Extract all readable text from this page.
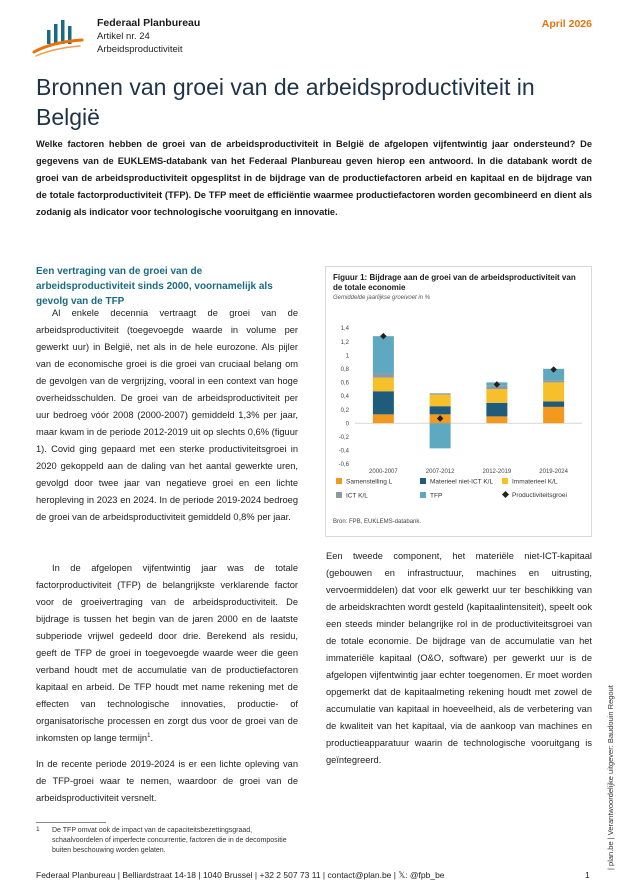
Federaal Planbureau
Artikel nr. 24
Arbeidsproductiviteit
April 2026
Bronnen van groei van de arbeidsproductiviteit in België

Welke factoren hebben de groei van de arbeidsproductiviteit in België de afgelopen vijfentwintig jaar ondersteund? De gegevens van de EUKLEMS-databank van het Federaal Planbureau geven hierop een antwoord. In die databank wordt de groei van de arbeidsproductiviteit opgesplitst in de bijdrage van de productiefactoren arbeid en kapitaal en de bijdrage van de totale factorproductiviteit (TFP). De TFP meet de efficiëntie waarmee productiefactoren worden gecombineerd en dient als zodanig als indicator voor technologische vooruitgang en innovatie.

Een vertraging van de groei van de arbeidsproductiviteit sinds 2000, voornamelijk als gevolg van de TFP

Al enkele decennia vertraagt de groei van de arbeidsproductiviteit (toegevoegde waarde in volume per gewerkt uur) in België, net als in de hele eurozone. Als pijler van de economische groei is die groei van cruciaal belang om de gevolgen van de vergrijzing, vooral in een context van hoge overheidsschulden. De groei van de arbeidsproductiviteit per uur bedroeg vóór 2008 (2000-2007) gemiddeld 1,3% per jaar, maar kwam in de periode 2012-2019 uit op slechts 0,6% (figuur 1). Covid ging gepaard met een sterke productiviteitsgroei in 2020 gekoppeld aan de daling van het aantal gewerkte uren, gevolgd door twee jaar van negatieve groei en een lichte heropleving in 2023 en 2024. In de periode 2019-2024 bedroeg de groei van de arbeidsproductiviteit gemiddeld 0,8% per jaar.

In de afgelopen vijfentwintig jaar was de totale factorproductiviteit (TFP) de belangrijkste verklarende factor voor de groeivertraging van de arbeidsproductiviteit. De bijdrage is tussen het begin van de jaren 2000 en de laatste subperiode vrijwel gedeeld door drie. Berekend als residu, geeft de TFP de groei in toegevoegde waarde weer die geen verband houdt met de accumulatie van de productiefactoren kapitaal en arbeid. De TFP houdt met name rekening met de effecten van technologische innovaties, productie- of organisatorische processen en zorgt dus voor de groei van de inkomsten op lange termijn$^1$.

In de recente periode 2019-2024 is er een lichte opleving van de TFP-groei waar te nemen, waardoor de groei van de arbeidsproductiviteit versnelt.

1 De TFP omvat ook de impact van de capaciteitsbezettingsgraad, schaalvoordelen of imperfecte concurrentie, factoren die in de decompositie buiten beschouwing worden gelaten.

Figuur 1: Bijdrage aan de groei van de arbeidsproductiviteit van de totale economie

Gemiddelde jaarlijkse groeivoet in %
-0,6
-0,4
-0,2
0
0,2
0,4
0,6
0,8
1
1,2
1,4
2000-2007	2007-2012	2012-2019	2019-2024
Samenstelling L	Materieel niet-ICT K/L	Immaterieel K/L
ICT K/L	TFP	Productiviteitsgroei
Bron: FPB, EUKLEMS-databank.

Een tweede component, het materiële niet-ICT-kapitaal (gebouwen en infrastructuur, machines en uitrusting, vervoermiddelen) dat voor elk gewerkt uur ter beschikking van de arbeidskrachten wordt gesteld (kapitaalintensiteit), speelt ook een steeds minder belangrijke rol in de productiviteitsgroei van de totale economie. De bijdrage van de accumulatie van het immateriële kapitaal (O&O, software) per gewerkt uur is de afgelopen vijfentwintig jaar echter toegenomen. Er moet worden opgemerkt dat de kapitaalmeting rekening houdt met zowel de accumulatie van kapitaal in hoeveelheid, als de verbetering van de kwaliteit van het kapitaal, via de aankoop van machines en productieapparatuur waarin de technologische vooruitgang is geïntegreerd.	| plan.be | Verantwoordelijke uitgever: Baudouin Regout
Federaal Planbureau | Belliardstraat 14-18 | 1040 Brussel | +32 2 507 73 11 | contact@plan.be | 𝕏: @fpb_be	1
